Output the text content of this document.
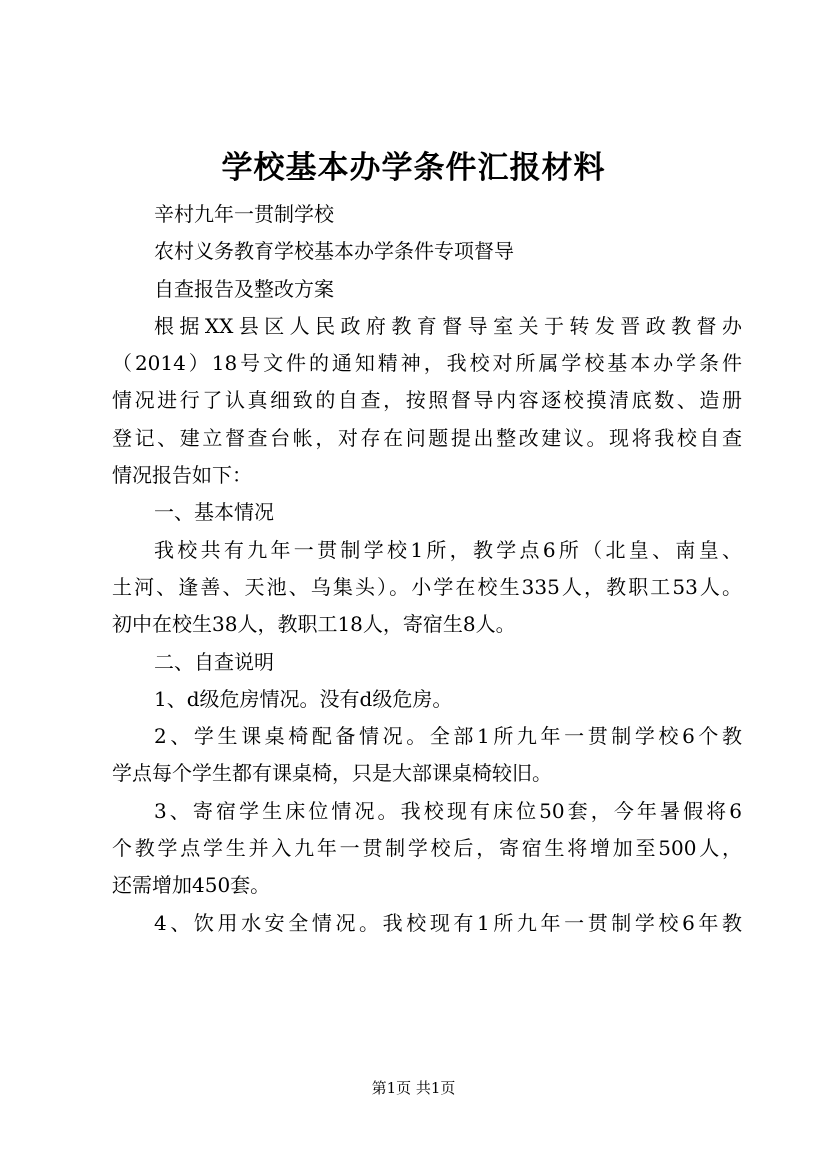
学校基本办学条件汇报材料
辛村九年一贯制学校
农村义务教育学校基本办学条件专项督导
自查报告及整改方案
根据XX县区人民政府教育督导室关于转发晋政教督办
（2014）18号文件的通知精神，我校对所属学校基本办学条件
情况进行了认真细致的自查，按照督导内容逐校摸清底数、造册
登记、建立督查台帐，对存在问题提出整改建议。现将我校自查
情况报告如下：
一、基本情况
我校共有九年一贯制学校1所，教学点6所（北皇、南皇、
土河、逢善、天池、乌集头）。小学在校生335人，教职工53人。
初中在校生38人，教职工18人，寄宿生8人。
二、自查说明
1、d级危房情况。没有d级危房。
2、学生课桌椅配备情况。全部1所九年一贯制学校6个教
学点每个学生都有课桌椅，只是大部课桌椅较旧。
3、寄宿学生床位情况。我校现有床位50套，今年暑假将6
个教学点学生并入九年一贯制学校后，寄宿生将增加至500人，
还需增加450套。
4、饮用水安全情况。我校现有1所九年一贯制学校6年教
第1页 共1页
